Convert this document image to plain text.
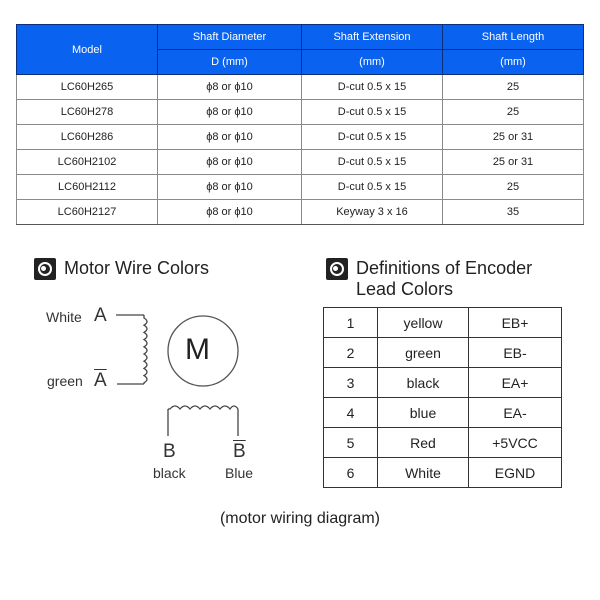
Model	Shaft Diameter	Shaft Extension	Shaft Length
	D (mm)	(mm)	(mm)
LC60H265	ϕ8 or ϕ10	D-cut 0.5 x 15	25
LC60H278	ϕ8 or ϕ10	D-cut 0.5 x 15	25
LC60H286	ϕ8 or ϕ10	D-cut 0.5 x 15	25 or 31
LC60H2102	ϕ8 or ϕ10	D-cut 0.5 x 15	25 or 31
LC60H2112	ϕ8 or ϕ10	D-cut 0.5 x 15	25
LC60H2127	ϕ8 or ϕ10	Keyway 3 x 16	35
Motor Wire Colors	Definitions of Encoder
Lead Colors
M
White A
green $\overline{A}$
B
black
$\overline{B}$
Blue
1	yellow	EB+
2	green	EB-
3	black	EA+
4	blue	EA-
5	Red	+5VCC
6	White	EGND
(motor wiring diagram)
